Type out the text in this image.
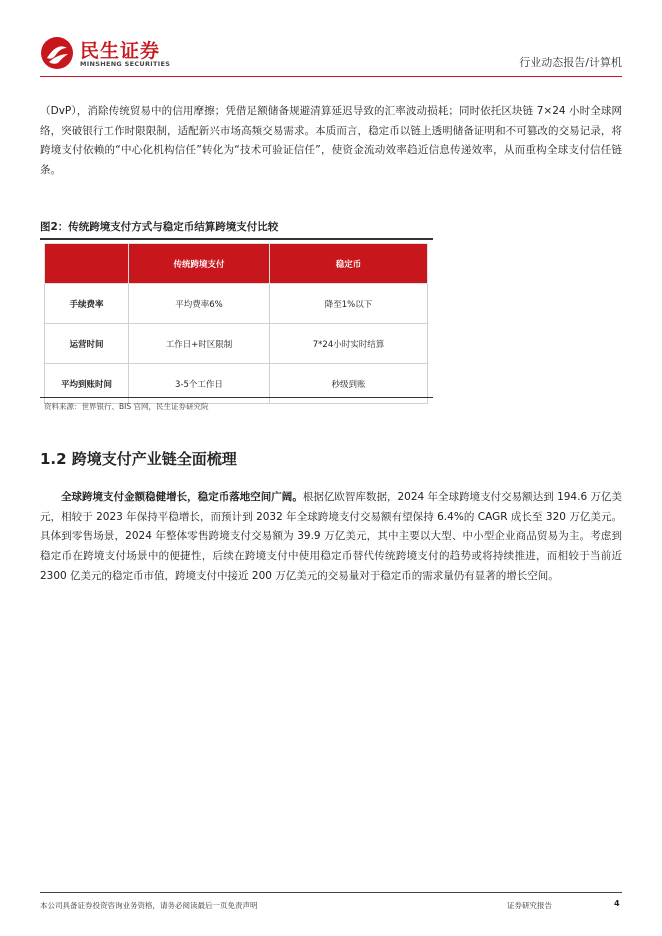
民生证券
MINSHENG SECURITIES	行业动态报告/计算机
（DvP），消除传统贸易中的信用摩擦；凭借足额储备规避清算延迟导致的汇率波动损耗；同时依托区块链 7×24 小时全球网络，突破银行工作时限限制，适配新兴市场高频交易需求。本质而言，稳定币以链上透明储备证明和不可篡改的交易记录，将跨境支付依赖的“中心化机构信任”转化为“技术可验证信任”，使资金流动效率趋近信息传递效率，从而重构全球支付信任链条。
图2：传统跨境支付方式与稳定币结算跨境支付比较
	传统跨境支付	稳定币
手续费率	平均费率6%	降至1%以下
运营时间	工作日+时区限制	7*24小时实时结算
平均到账时间	3-5个工作日	秒级到账
资料来源：世界银行、BIS 官网，民生证券研究院
1.2 跨境支付产业链全面梳理
全球跨境支付金额稳健增长，稳定币落地空间广阔。根据亿欧智库数据，2024 年全球跨境支付交易额达到 194.6 万亿美元，相较于 2023 年保持平稳增长，而预计到 2032 年全球跨境支付交易额有望保持 6.4%的 CAGR 成长至 320 万亿美元。具体到零售场景，2024 年整体零售跨境支付交易额为 39.9 万亿美元，其中主要以大型、中小型企业商品贸易为主。考虑到稳定币在跨境支付场景中的便捷性，后续在跨境支付中使用稳定币替代传统跨境支付的趋势或将持续推进，而相较于当前近 2300 亿美元的稳定币市值，跨境支付中接近 200 万亿美元的交易量对于稳定币的需求量仍有显著的增长空间。
本公司具备证券投资咨询业务资格，请务必阅读最后一页免责声明	证券研究报告	4
